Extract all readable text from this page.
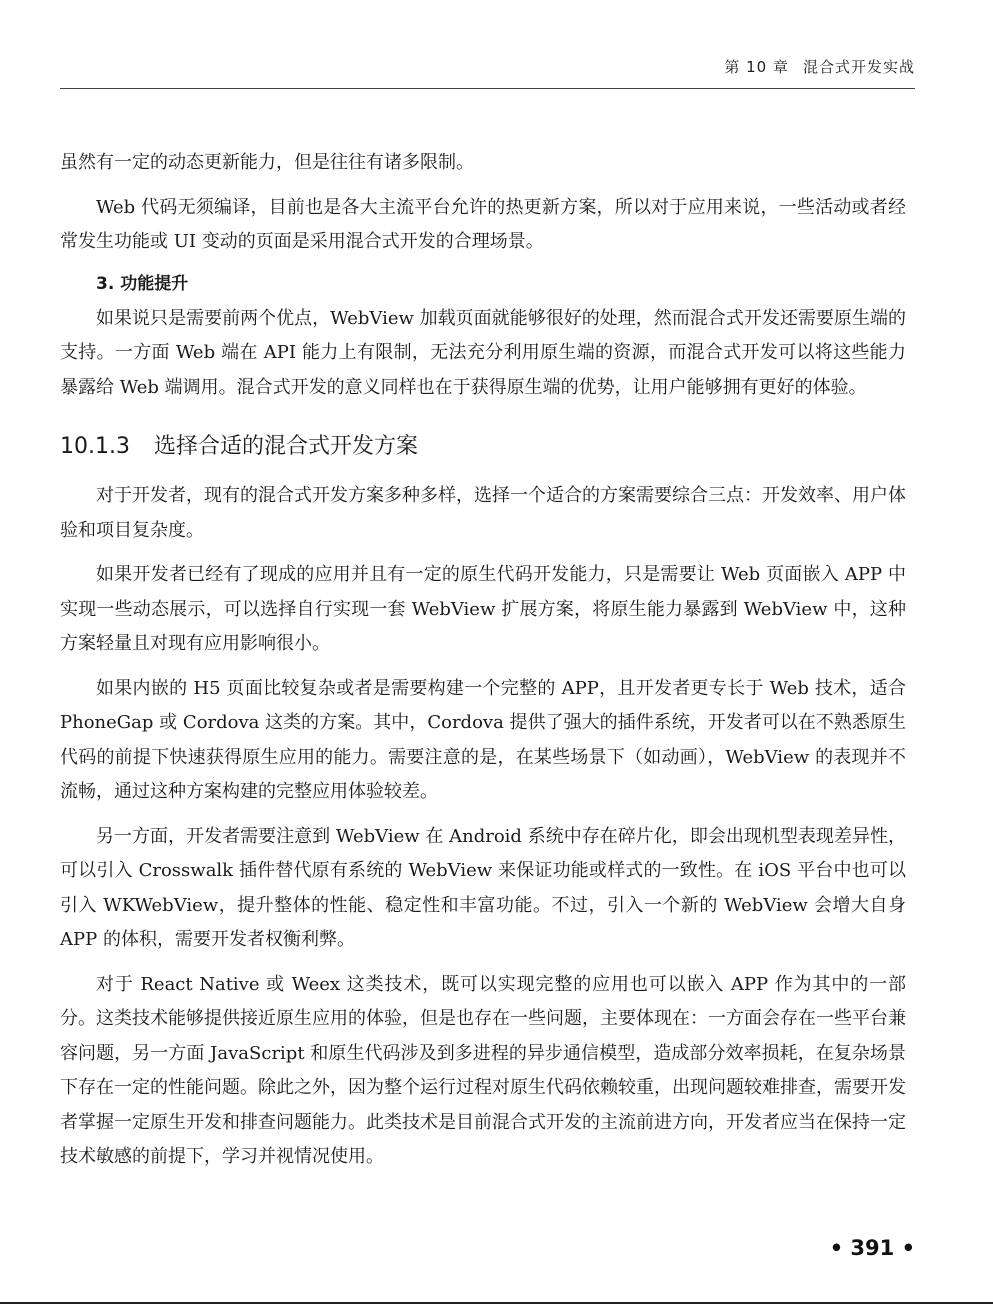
第 10 章 混合式开发实战

虽然有一定的动态更新能力，但是往往有诸多限制。

Web 代码无须编译，目前也是各大主流平台允许的热更新方案，所以对于应用来说，一些活动或者经常发生功能或 UI 变动的页面是采用混合式开发的合理场景。

3. 功能提升

如果说只是需要前两个优点，WebView 加载页面就能够很好的处理，然而混合式开发还需要原生端的支持。一方面 Web 端在 API 能力上有限制，无法充分利用原生端的资源，而混合式开发可以将这些能力暴露给 Web 端调用。混合式开发的意义同样也在于获得原生端的优势，让用户能够拥有更好的体验。

10.1.3 选择合适的混合式开发方案

对于开发者，现有的混合式开发方案多种多样，选择一个适合的方案需要综合三点：开发效率、用户体验和项目复杂度。

如果开发者已经有了现成的应用并且有一定的原生代码开发能力，只是需要让 Web 页面嵌入 APP 中实现一些动态展示，可以选择自行实现一套 WebView 扩展方案，将原生能力暴露到 WebView 中，这种方案轻量且对现有应用影响很小。

如果内嵌的 H5 页面比较复杂或者是需要构建一个完整的 APP，且开发者更专长于 Web 技术，适合 PhoneGap 或 Cordova 这类的方案。其中，Cordova 提供了强大的插件系统，开发者可以在不熟悉原生代码的前提下快速获得原生应用的能力。需要注意的是，在某些场景下（如动画），WebView 的表现并不流畅，通过这种方案构建的完整应用体验较差。

另一方面，开发者需要注意到 WebView 在 Android 系统中存在碎片化，即会出现机型表现差异性，可以引入 Crosswalk 插件替代原有系统的 WebView 来保证功能或样式的一致性。在 iOS 平台中也可以引入 WKWebView，提升整体的性能、稳定性和丰富功能。不过，引入一个新的 WebView 会增大自身 APP 的体积，需要开发者权衡利弊。

对于 React Native 或 Weex 这类技术，既可以实现完整的应用也可以嵌入 APP 作为其中的一部分。这类技术能够提供接近原生应用的体验，但是也存在一些问题，主要体现在：一方面会存在一些平台兼容问题，另一方面 JavaScript 和原生代码涉及到多进程的异步通信模型，造成部分效率损耗，在复杂场景下存在一定的性能问题。除此之外，因为整个运行过程对原生代码依赖较重，出现问题较难排查，需要开发者掌握一定原生开发和排查问题能力。此类技术是目前混合式开发的主流前进方向，开发者应当在保持一定技术敏感的前提下，学习并视情况使用。

• 391 •
